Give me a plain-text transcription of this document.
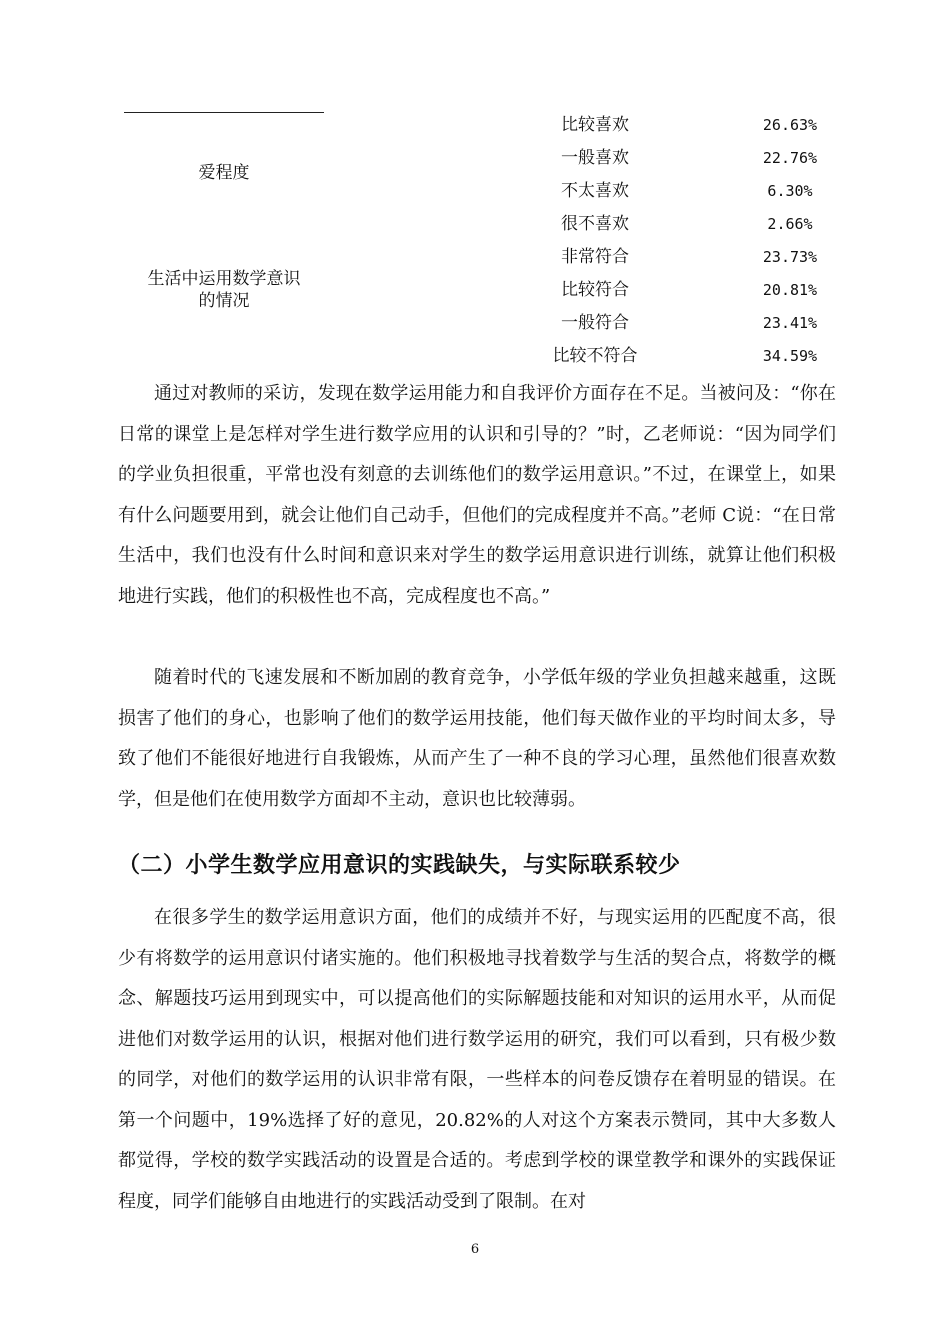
爱程度
生活中运用数学意识
的情况
比较喜欢	26.63%
一般喜欢	22.76%
不太喜欢	6.30%
很不喜欢	2.66%
非常符合	23.73%
比较符合	20.81%
一般符合	23.41%
比较不符合	34.59%

通过对教师的采访，发现在数学运用能力和自我评价方面存在不足。当被问及：“你在日常的课堂上是怎样对学生进行数学应用的认识和引导的？”时，乙老师说：“因为同学们的学业负担很重，平常也没有刻意的去训练他们的数学运用意识。”不过，在课堂上，如果有什么问题要用到，就会让他们自己动手，但他们的完成程度并不高。”老师 C说：“在日常生活中，我们也没有什么时间和意识来对学生的数学运用意识进行训练，就算让他们积极地进行实践，他们的积极性也不高，完成程度也不高。”

随着时代的飞速发展和不断加剧的教育竞争，小学低年级的学业负担越来越重，这既损害了他们的身心，也影响了他们的数学运用技能，他们每天做作业的平均时间太多，导致了他们不能很好地进行自我锻炼，从而产生了一种不良的学习心理，虽然他们很喜欢数学，但是他们在使用数学方面却不主动，意识也比较薄弱。

（二）小学生数学应用意识的实践缺失，与实际联系较少

在很多学生的数学运用意识方面，他们的成绩并不好，与现实运用的匹配度不高，很少有将数学的运用意识付诸实施的。他们积极地寻找着数学与生活的契合点，将数学的概念、解题技巧运用到现实中，可以提高他们的实际解题技能和对知识的运用水平，从而促进他们对数学运用的认识，根据对他们进行数学运用的研究，我们可以看到，只有极少数的同学，对他们的数学运用的认识非常有限，一些样本的问卷反馈存在着明显的错误。在第一个问题中，19%选择了好的意见，20.82%的人对这个方案表示赞同，其中大多数人都觉得，学校的数学实践活动的设置是合适的。考虑到学校的课堂教学和课外的实践保证程度，同学们能够自由地进行的实践活动受到了限制。在对

6
